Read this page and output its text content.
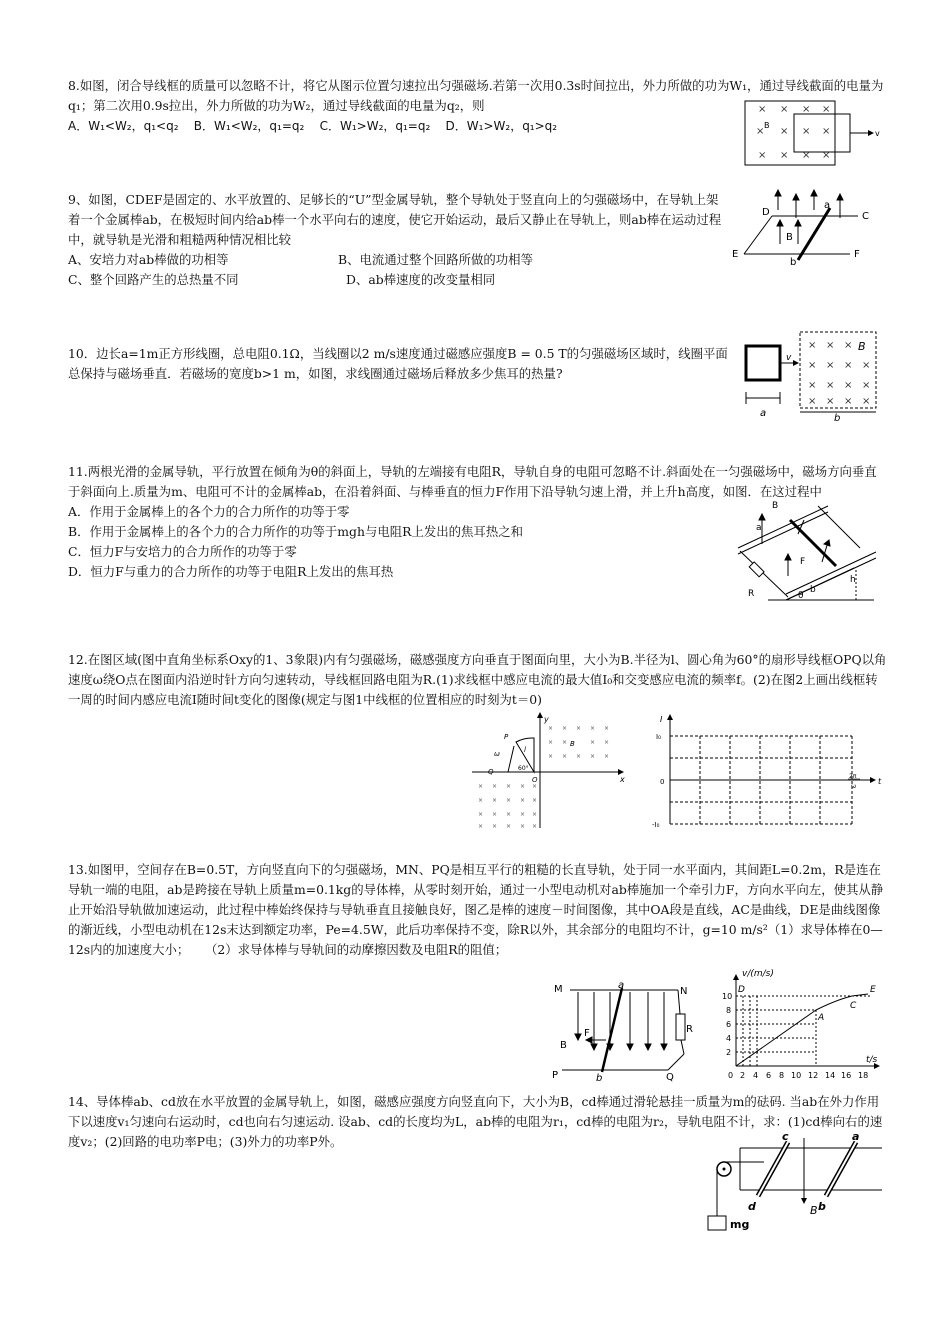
8.如图，闭合导线框的质量可以忽略不计，将它从图示位置匀速拉出匀强磁场.若第一次用0.3s时间拉出，外力所做的功为W₁，通过导线截面的电量为q₁；第二次用0.9s拉出，外力所做的功为W₂，通过导线截面的电量为q₂，则

A．W₁<W₂，q₁<q₂    B．W₁<W₂，q₁=q₂    C．W₁>W₂，q₁=q₂    D．W₁>W₂，q₁>q₂

× × × ×
× × × ×
× × × ×
B
v

9、如图，CDEF是固定的、水平放置的、足够长的“U”型金属导轨，整个导轨处于竖直向上的匀强磁场中，在导轨上架着一个金属棒ab，在极短时间内给ab棒一个水平向右的速度，使它开始运动，最后又静止在导轨上，则ab棒在运动过程中，就导轨是光滑和粗糙两种情况相比较

A、安培力对ab棒做的功相等	B、电流通过整个回路所做的功相等
C、整个回路产生的总热量不同	D、ab棒速度的改变量相同
D	C
E	F
a
b
B

10．边长a=1m正方形线圈，总电阻0.1Ω，当线圈以2 m/s速度通过磁感应强度B = 0.5 T的匀强磁场区域时，线圈平面总保持与磁场垂直．若磁场的宽度b>1 m，如图，求线圈通过磁场后释放多少焦耳的热量?

v
× × ×
× × × ×
× × × ×
× × × ×
B
a	b

11.两根光滑的金属导轨，平行放置在倾角为θ的斜面上，导轨的左端接有电阻R，导轨自身的电阻可忽略不计.斜面处在一匀强磁场中，磁场方向垂直于斜面向上.质量为m、电阻可不计的金属棒ab，在沿着斜面、与棒垂直的恒力F作用下沿导轨匀速上滑，并上升h高度，如图．在这过程中

A．作用于金属棒上的各个力的合力所作的功等于零

B．作用于金属棒上的各个力的合力所作的功等于mgh与电阻R上发出的焦耳热之和

C．恒力F与安培力的合力所作的功等于零

D．恒力F与重力的合力所作的功等于电阻R上发出的焦耳热

B
a
b
F
h
R	θ

12.在图区域(图中直角坐标系Oxy的1、3象限)内有匀强磁场，磁感强度方向垂直于图面向里，大小为B.半径为l、圆心角为60°的扇形导线框OPQ以角速度ω绕O点在图面内沿逆时针方向匀速转动，导线框回路电阻为R.(1)求线框中感应电流的最大值I₀和交变感应电流的频率f。(2)在图2上画出线框转一周的时间内感应电流I随时间t变化的图像(规定与图1中线框的位置相应的时刻为t＝0)

y
x
× × × × ×
× ×	× ×
× × × × ×
× × × × ×
× × × × ×
× × × × ×
× × × × ×
B
P
Q
O
ω	l
60°
I
t
I₀
-I₀
0
2π
ω

13.如图甲，空间存在B=0.5T，方向竖直向下的匀强磁场，MN、PQ是相互平行的粗糙的长直导轨，处于同一水平面内，其间距L=0.2m，R是连在导轨一端的电阻，ab是跨接在导轨上质量m=0.1kg的导体棒，从零时刻开始，通过一小型电动机对ab棒施加一个牵引力F，方向水平向左，使其从静止开始沿导轨做加速运动，此过程中棒始终保持与导轨垂直且接触良好，图乙是棒的速度－时间图像，其中OA段是直线，AC是曲线，DE是曲线图像的渐近线，小型电动机在12s末达到额定功率，Pe=4.5W，此后功率保持不变，除R以外，其余部分的电阻均不计，g=10 m/s²（1）求导体棒在0—12s内的加速度大小；    （2）求导体棒与导轨间的动摩擦因数及电阻R的阻值；

M	N
P	Q
a
b
F
B
R
v/(m/s)
t/s
D	E
A
C
0
10
8
6
4
2
2 4 6 8 10 12 14 16 18

14、导体棒ab、cd放在水平放置的金属导轨上，如图，磁感应强度方向竖直向下，大小为B，cd棒通过滑轮悬挂一质量为m的砝码. 当ab在外力作用下以速度v₁匀速向右运动时，cd也向右匀速运动. 设ab、cd的长度均为L，ab棒的电阻为r₁，cd棒的电阻为r₂，导轨电阻不计，求：(1)cd棒向右的速度v₂；(2)回路的电功率P电；(3)外力的功率P外。

mg
c
d
a
b
B
